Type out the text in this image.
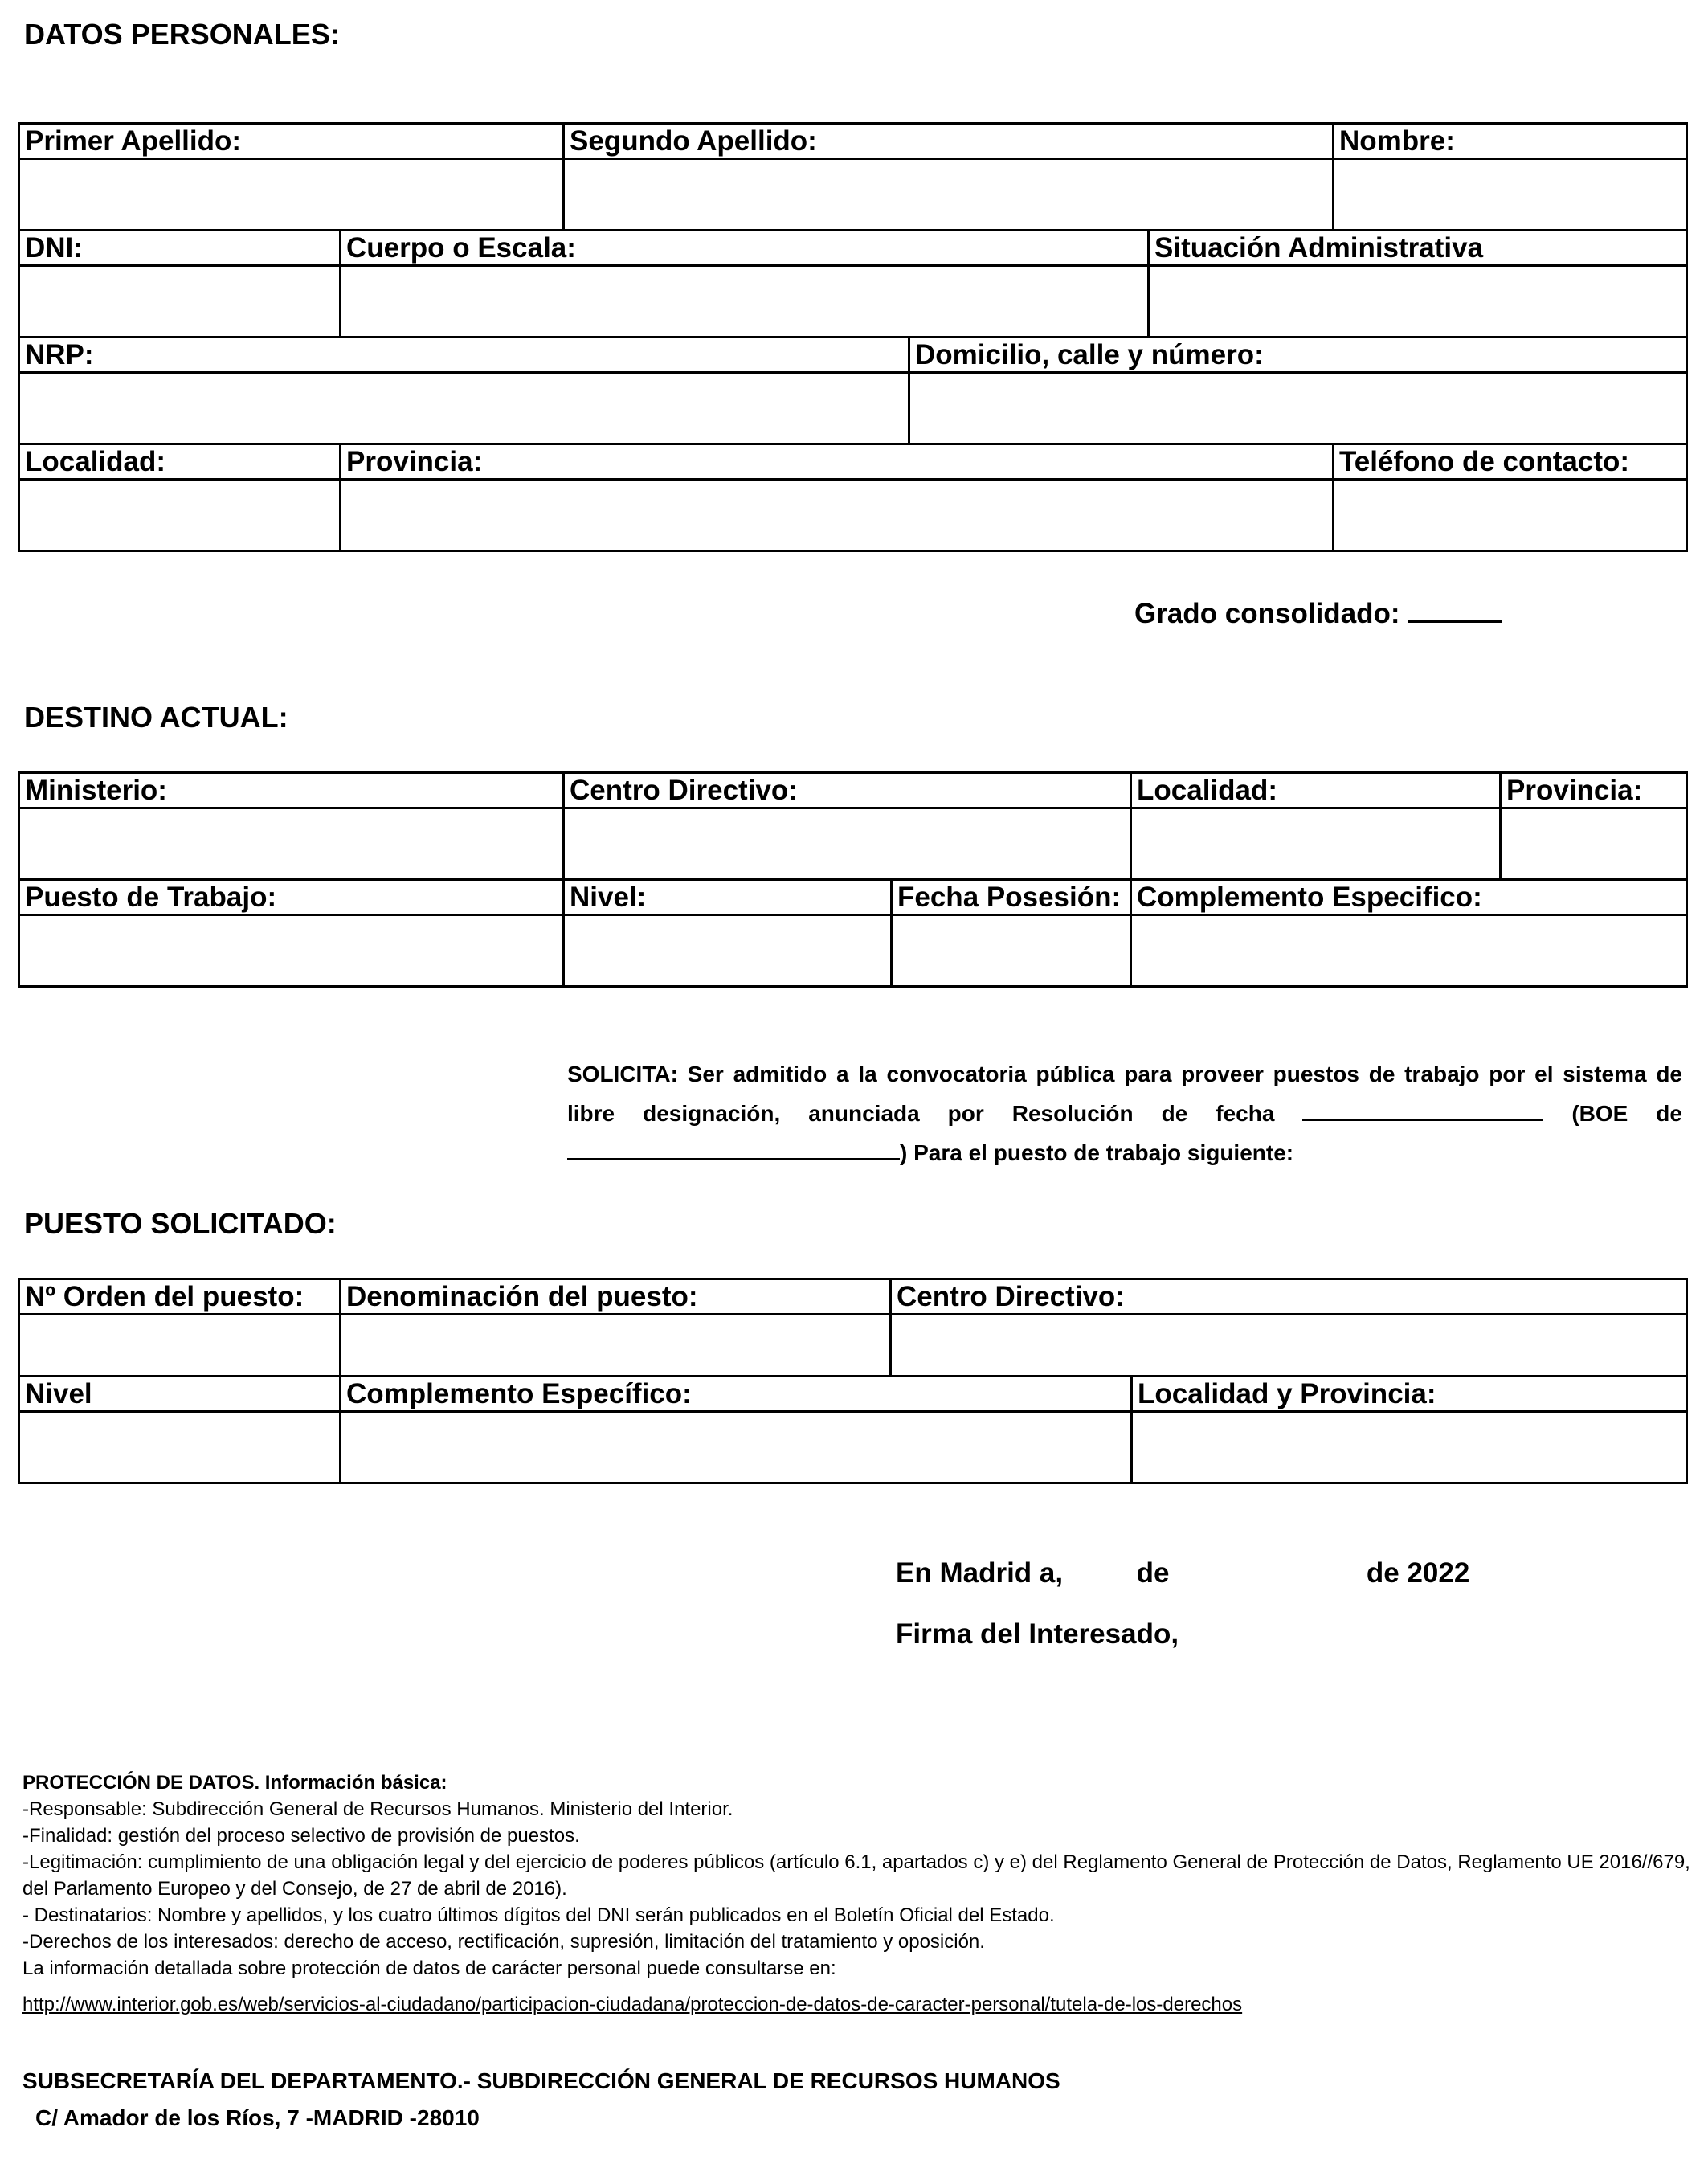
DATOS PERSONALES:
Primer Apellido:		Segundo Apellido:			Nombre:

DNI:	Cuerpo o Escala:			Situación Administrativa	

NRP:			Domicilio, calle y número:		

Localidad:	Provincia:				Teléfono de contacto:

Grado consolidado:
DESTINO ACTUAL:
Ministerio:	Centro Directivo:		Localidad:	Provincia:

Puesto de Trabajo:	Nivel:	Fecha Posesión:	Complemento Especifico:	

SOLICITA: Ser admitido a la convocatoria pública para proveer puestos de trabajo por el sistema de libre designación, anunciada por Resolución de fecha	(BOE de ) Para el puesto de trabajo siguiente:
PUESTO SOLICITADO:
Nº Orden del puesto:	Denominación del puesto:	Centro Directivo:	

Nivel	Complemento Específico:		Localidad y Provincia:

En Madrid a,	de	de 2022
Firma del Interesado,
PROTECCIÓN DE DATOS. Información básica:
-Responsable: Subdirección General de Recursos Humanos. Ministerio del Interior.
-Finalidad: gestión del proceso selectivo de provisión de puestos.
-Legitimación: cumplimiento de una obligación legal y del ejercicio de poderes públicos (artículo 6.1, apartados c) y e) del Reglamento General de Protección de Datos, Reglamento UE 2016//679, del Parlamento Europeo y del Consejo, de 27 de abril de 2016).
- Destinatarios: Nombre y apellidos, y los cuatro últimos dígitos del DNI serán publicados en el Boletín Oficial del Estado.
-Derechos de los interesados: derecho de acceso, rectificación, supresión, limitación del tratamiento y oposición.
La información detallada sobre protección de datos de carácter personal puede consultarse en:
http://www.interior.gob.es/web/servicios-al-ciudadano/participacion-ciudadana/proteccion-de-datos-de-caracter-personal/tutela-de-los-derechos
SUBSECRETARÍA DEL DEPARTAMENTO.- SUBDIRECCIÓN GENERAL DE RECURSOS HUMANOS
C/ Amador de los Ríos, 7 -MADRID -28010
